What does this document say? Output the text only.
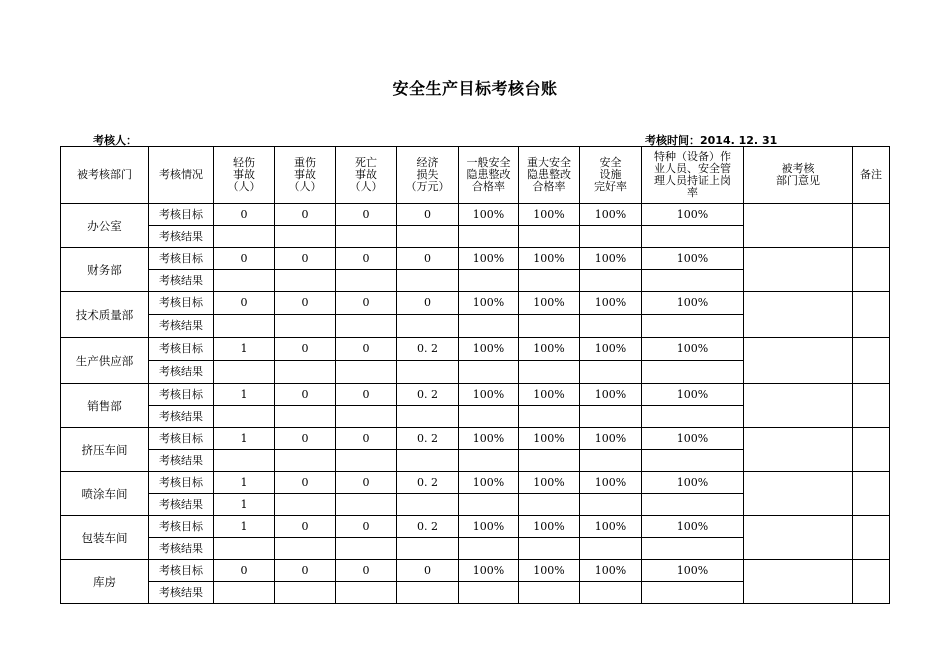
安全生产目标考核台账
考核人：	考核时间：2014. 12. 31
被考核部门	考核情况	轻伤
事故
（人）	重伤
事故
（人）	死亡
事故
（人）	经济
损失
（万元）	一般安全
隐患整改
合格率	重大安全
隐患整改
合格率	安全
设施
完好率	特种（设备）作
业人员、安全管
理人员持证上岗
率	被考核
部门意见	备注
办公室	考核目标	0	0	0	0	100%	100%	100%	100%		
	考核结果										
财务部	考核目标	0	0	0	0	100%	100%	100%	100%		
	考核结果										
技术质量部	考核目标	0	0	0	0	100%	100%	100%	100%		
	考核结果										
生产供应部	考核目标	1	0	0	0. 2	100%	100%	100%	100%		
	考核结果										
销售部	考核目标	1	0	0	0. 2	100%	100%	100%	100%		
	考核结果										
挤压车间	考核目标	1	0	0	0. 2	100%	100%	100%	100%		
	考核结果										
喷涂车间	考核目标	1	0	0	0. 2	100%	100%	100%	100%		
	考核结果	1									
包装车间	考核目标	1	0	0	0. 2	100%	100%	100%	100%		
	考核结果										
库房	考核目标	0	0	0	0	100%	100%	100%	100%		
	考核结果										
